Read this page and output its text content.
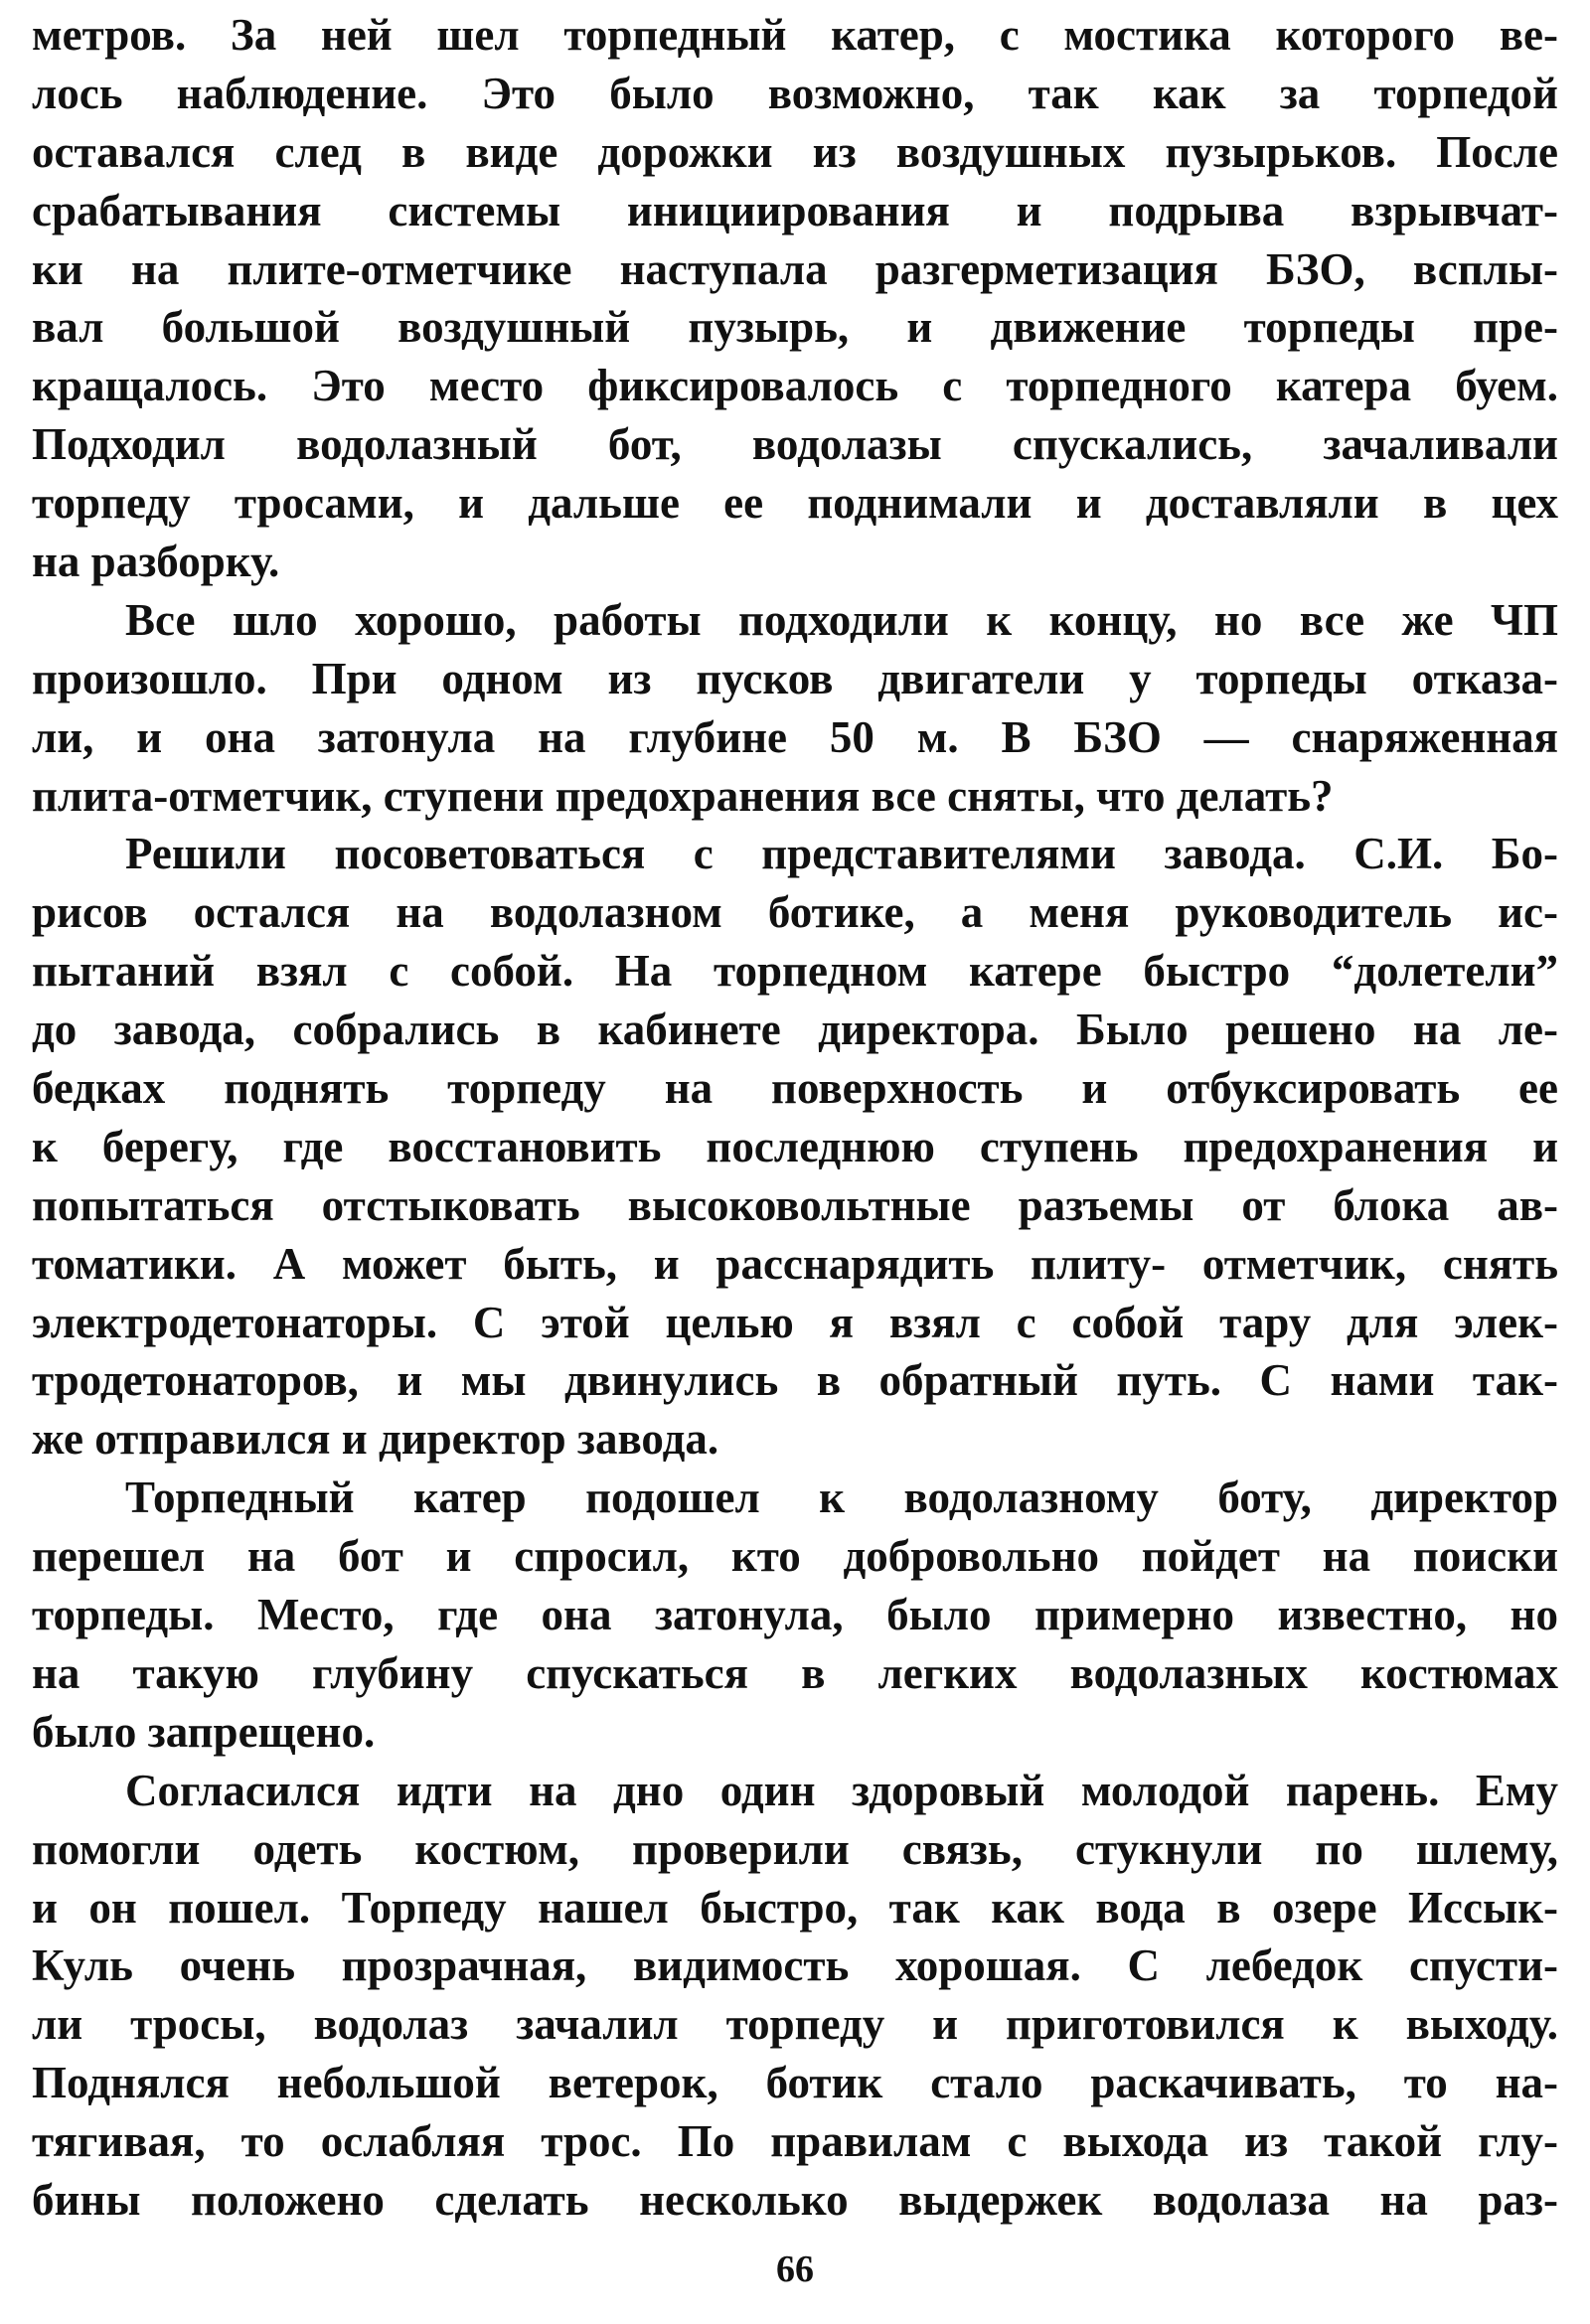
метров. За ней шел торпедный катер, с мостика которого ве-
лось наблюдение. Это было возможно, так как за торпедой
оставался след в виде дорожки из воздушных пузырьков. После
срабатывания системы инициирования и подрыва взрывчат-
ки на плите-отметчике наступала разгерметизация БЗО, всплы-
вал большой воздушный пузырь, и движение торпеды пре-
кращалось. Это место фиксировалось с торпедного катера буем.
Подходил водолазный бот, водолазы спускались, зачаливали
торпеду тросами, и дальше ее поднимали и доставляли в цех
на разборку.
Все шло хорошо, работы подходили к концу, но все же ЧП
произошло. При одном из пусков двигатели у торпеды отказа-
ли, и она затонула на глубине 50 м. В БЗО — снаряженная
плита-отметчик, ступени предохранения все сняты, что делать?
Решили посоветоваться с представителями завода. С.И. Бо-
рисов остался на водолазном ботике, а меня руководитель ис-
пытаний взял с собой. На торпедном катере быстро “долетели”
до завода, собрались в кабинете директора. Было решено на ле-
бедках поднять торпеду на поверхность и отбуксировать ее
к берегу, где восстановить последнюю ступень предохранения и
попытаться отстыковать высоковольтные разъемы от блока ав-
томатики. А может быть, и расснарядить плиту- отметчик, снять
электродетонаторы. С этой целью я взял с собой тару для элек-
тродетонаторов, и мы двинулись в обратный путь. С нами так-
же отправился и директор завода.
Торпедный катер подошел к водолазному боту, директор
перешел на бот и спросил, кто добровольно пойдет на поиски
торпеды. Место, где она затонула, было примерно известно, но
на такую глубину спускаться в легких водолазных костюмах
было запрещено.
Согласился идти на дно один здоровый молодой парень. Ему
помогли одеть костюм, проверили связь, стукнули по шлему,
и он пошел. Торпеду нашел быстро, так как вода в озере Иссык-
Куль очень прозрачная, видимость хорошая. С лебедок спусти-
ли тросы, водолаз зачалил торпеду и приготовился к выходу.
Поднялся небольшой ветерок, ботик стало раскачивать, то на-
тягивая, то ослабляя трос. По правилам с выхода из такой глу-
бины положено сделать несколько выдержек водолаза на раз-
66
